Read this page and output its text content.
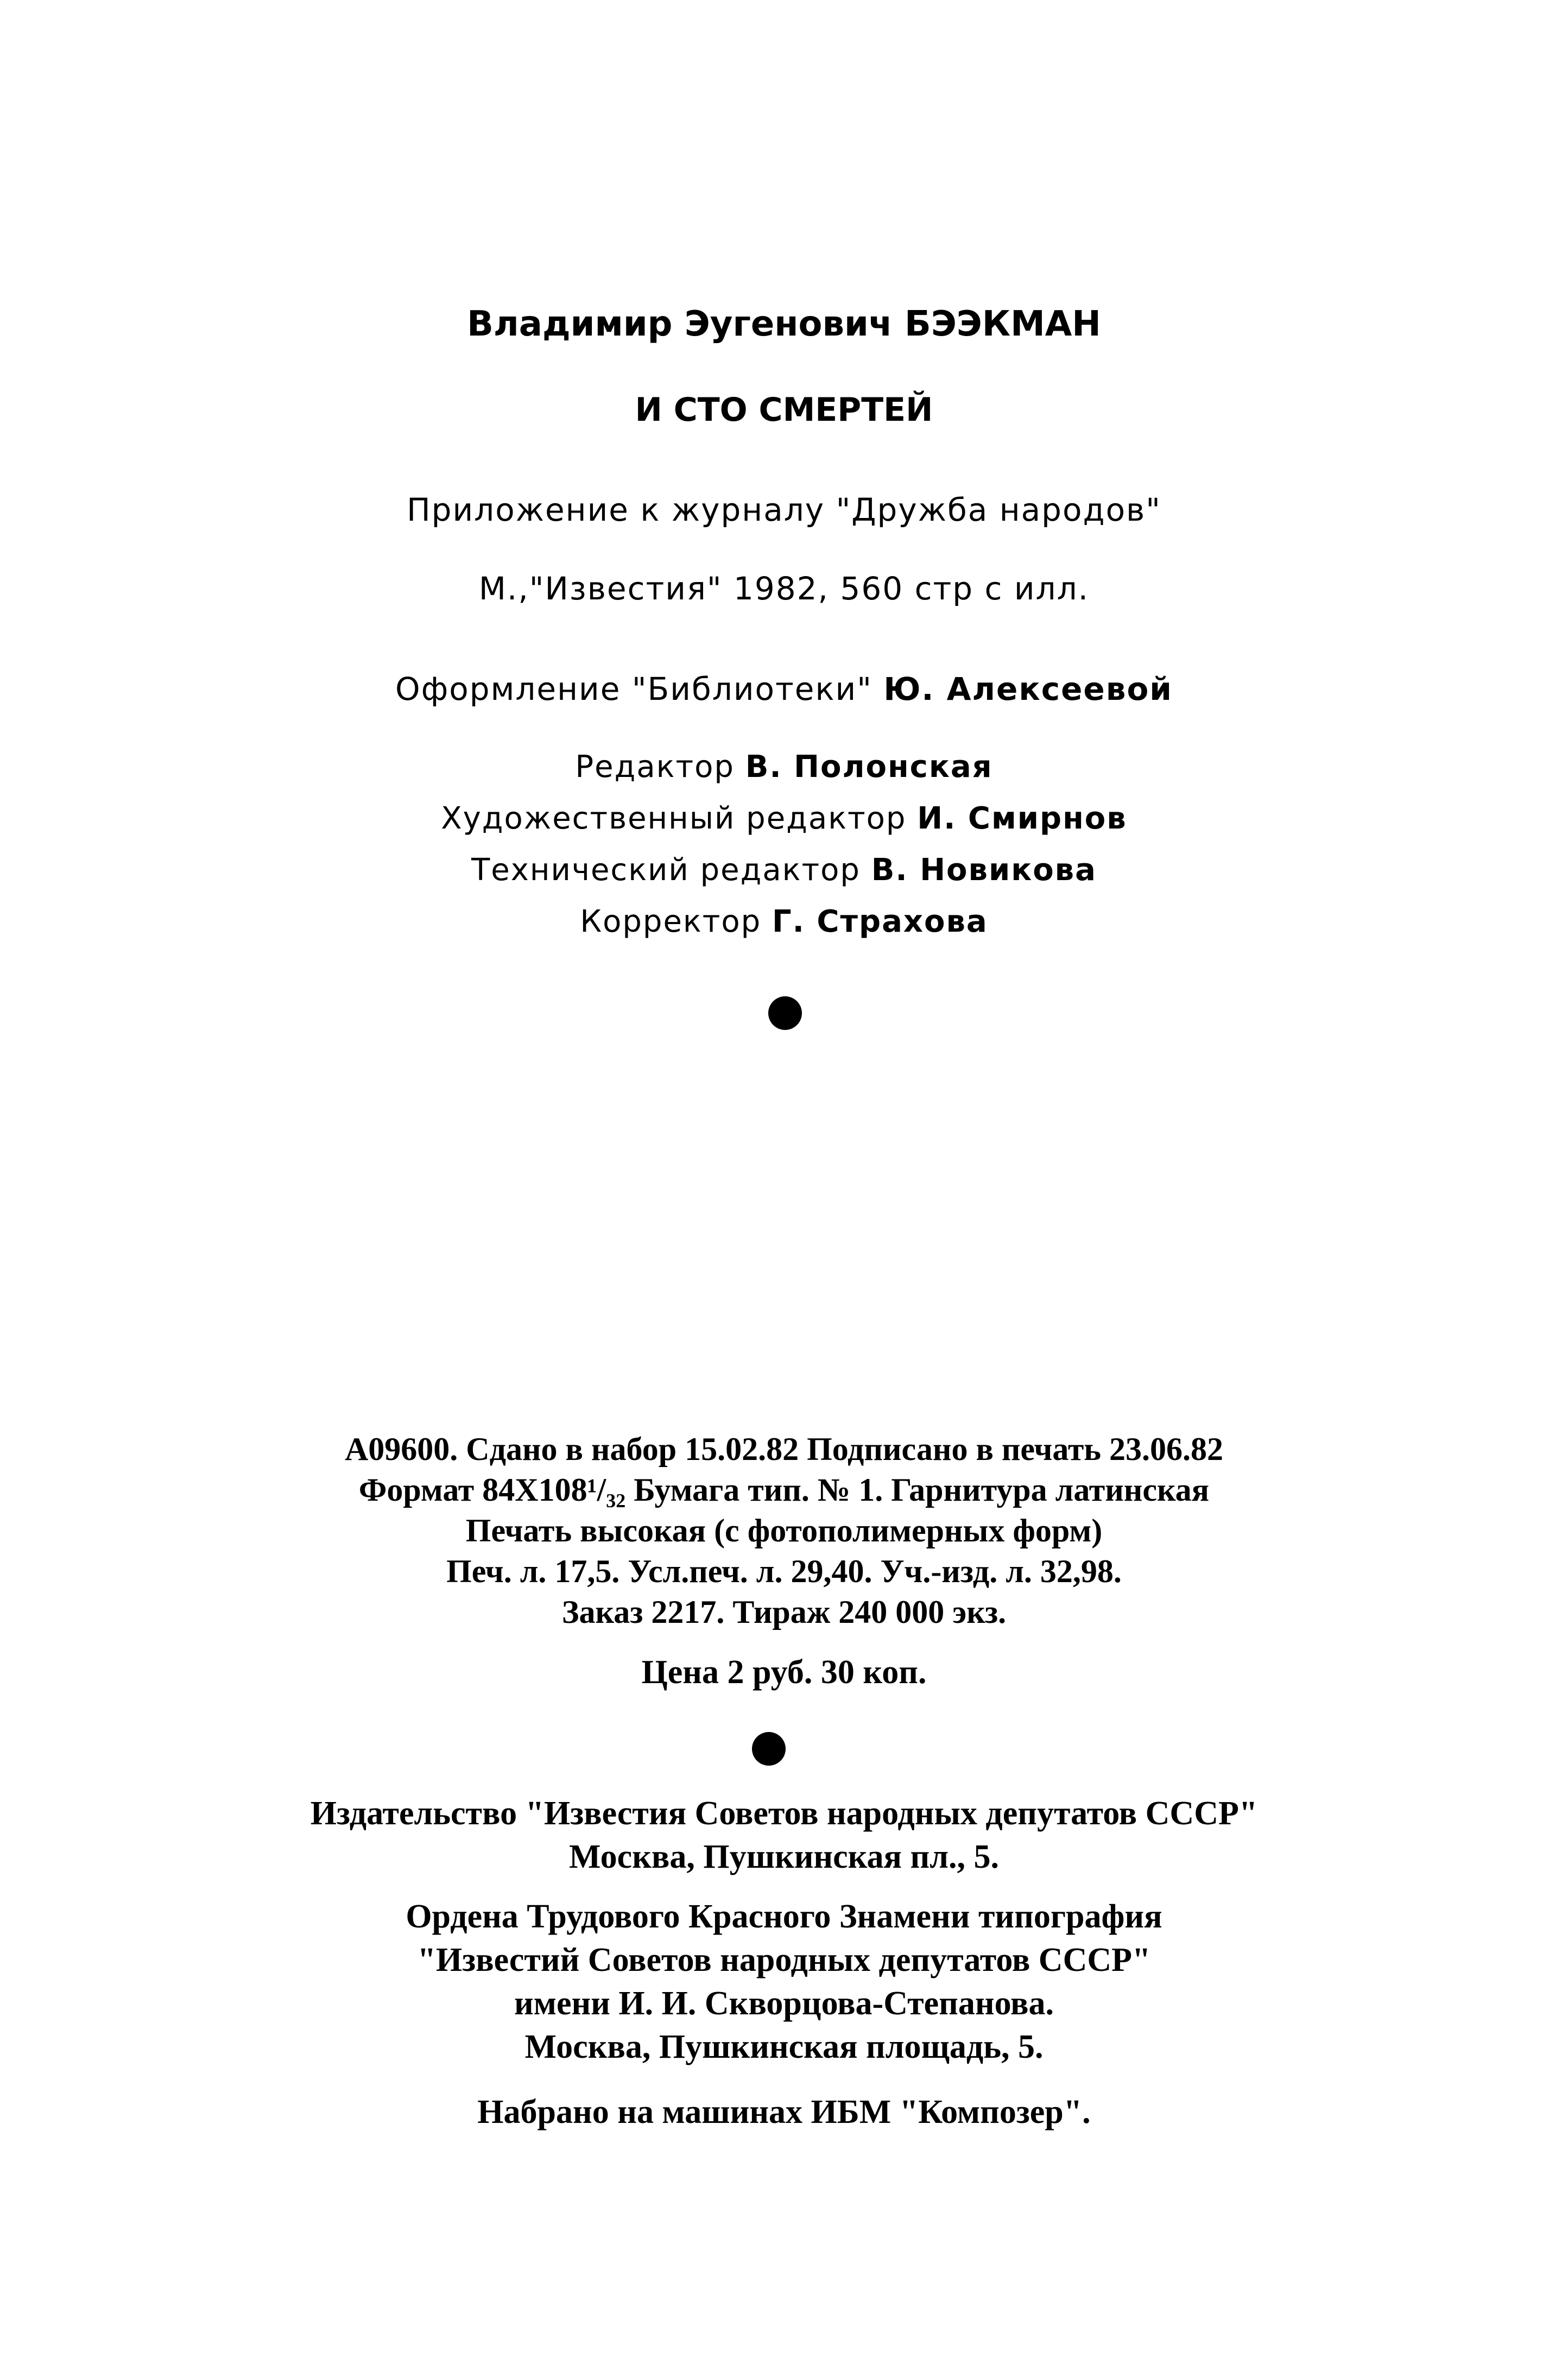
Владимир Эугенович БЭЭКМАН
И СТО СМЕРТЕЙ
Приложение к журналу "Дружба народов"
М.,"Известия" 1982, 560 стр с илл.
Оформление "Библиотеки" Ю. Алексеевой
Редактор В. Полонская
Художественный редактор И. Смирнов
Технический редактор В. Новикова
Корректор Г. Страхова
А09600. Сдано в набор 15.02.82 Подписано в печать 23.06.82
Формат 84Х108¹/₃₂ Бумага тип. № 1. Гарнитура латинская
Печать высокая (с фотополимерных форм)
Печ. л. 17,5. Усл.печ. л. 29,40. Уч.-изд. л. 32,98.
Заказ 2217. Тираж 240 000 экз.
Цена 2 руб. 30 коп.
Издательство "Известия Советов народных депутатов СССР"
Москва, Пушкинская пл., 5.
Ордена Трудового Красного Знамени типография
"Известий Советов народных депутатов СССР"
имени И. И. Скворцова-Степанова.
Москва, Пушкинская площадь, 5.
Набрано на машинах ИБМ "Композер".
